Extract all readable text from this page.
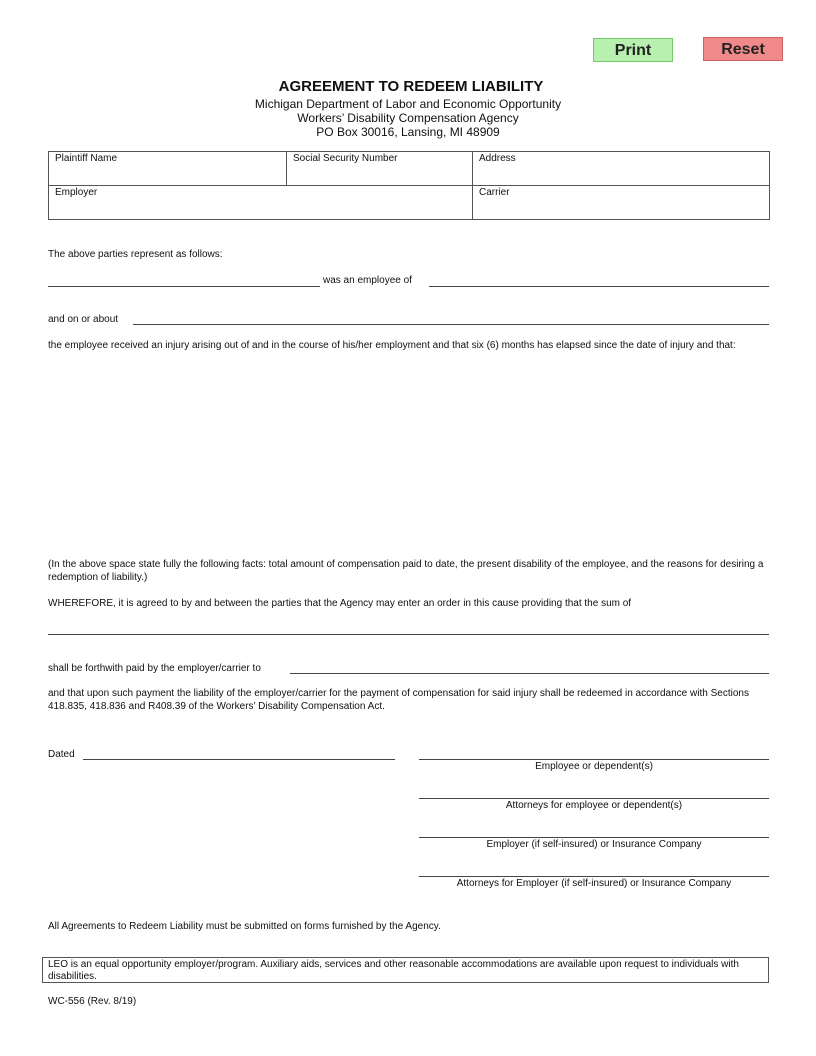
Print	Reset
AGREEMENT TO REDEEM LIABILITY
Michigan Department of Labor and Economic Opportunity
Workers’ Disability Compensation Agency
PO Box 30016, Lansing, MI 48909
Plaintiff Name	Social Security Number	Address
Employer		Carrier
The above parties represent as follows:
was an employee of
and on or about
the employee received an injury arising out of and in the course of his/her employment and that six (6) months has elapsed since the date of injury and that:
(In the above space state fully the following facts: total amount of compensation paid to date, the present disability of the employee, and the reasons for desiring a redemption of liability.)
WHEREFORE, it is agreed to by and between the parties that the Agency may enter an order in this cause providing that the sum of
shall be forthwith paid by the employer/carrier to
and that upon such payment the liability of the employer/carrier for the payment of compensation for said injury shall be redeemed in accordance with Sections 418.835, 418.836 and R408.39 of the Workers’ Disability Compensation Act.
Dated
Employee or dependent(s)
Attorneys for employee or dependent(s)
Employer (if self-insured) or Insurance Company
Attorneys for Employer (if self-insured) or Insurance Company
All Agreements to Redeem Liability must be submitted on forms furnished by the Agency.
LEO is an equal opportunity employer/program. Auxiliary aids, services and other reasonable accommodations are available upon request to individuals with disabilities.
WC-556 (Rev. 8/19)
